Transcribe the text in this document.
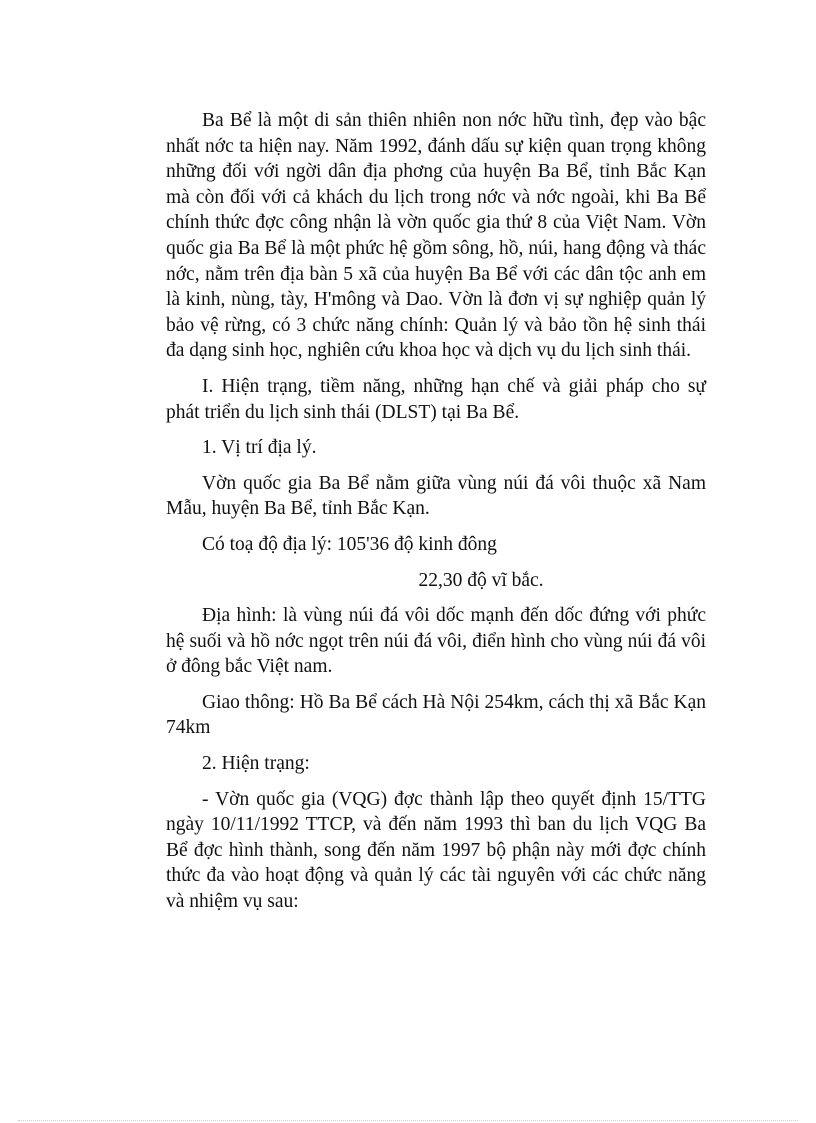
Ba Bể là một di sản thiên nhiên non nớc hữu tình, đẹp vào bậc nhất nớc ta hiện nay. Năm 1992, đánh dấu sự kiện quan trọng không những đối với ngời dân địa phơng của huyện Ba Bể, tỉnh Bắc Kạn mà còn đối với cả khách du lịch trong nớc và nớc ngoài, khi Ba Bể chính thức đợc công nhận là vờn quốc gia thứ 8 của Việt Nam. Vờn quốc gia Ba Bể là một phức hệ gồm sông, hồ, núi, hang động và thác nớc, nằm trên địa bàn 5 xã của huyện Ba Bể với các dân tộc anh em là kinh, nùng, tày, H'mông và Dao. Vờn là đơn vị sự nghiệp quản lý bảo vệ rừng, có 3 chức năng chính: Quản lý và bảo tồn hệ sinh thái đa dạng sinh học, nghiên cứu khoa học và dịch vụ du lịch sinh thái.

I. Hiện trạng, tiềm năng, những hạn chế và giải pháp cho sự phát triển du lịch sinh thái (DLST) tại Ba Bể.

1. Vị trí địa lý.

Vờn quốc gia Ba Bể nằm giữa vùng núi đá vôi thuộc xã Nam Mẫu, huyện Ba Bể, tỉnh Bắc Kạn.

Có toạ độ địa lý: 105'36 độ kinh đông

22,30 độ vĩ bắc.

Địa hình: là vùng núi đá vôi dốc mạnh đến dốc đứng với phức hệ suối và hồ nớc ngọt trên núi đá vôi, điển hình cho vùng núi đá vôi ở đông bắc Việt nam.

Giao thông: Hồ Ba Bể cách Hà Nội 254km, cách thị xã Bắc Kạn 74km

2. Hiện trạng:

- Vờn quốc gia (VQG) đợc thành lập theo quyết định 15/TTG ngày 10/11/1992 TTCP, và đến năm 1993 thì ban du lịch VQG Ba Bể đợc hình thành, song đến năm 1997 bộ phận này mới đợc chính thức đa vào hoạt động và quản lý các tài nguyên với các chức năng và nhiệm vụ sau:
